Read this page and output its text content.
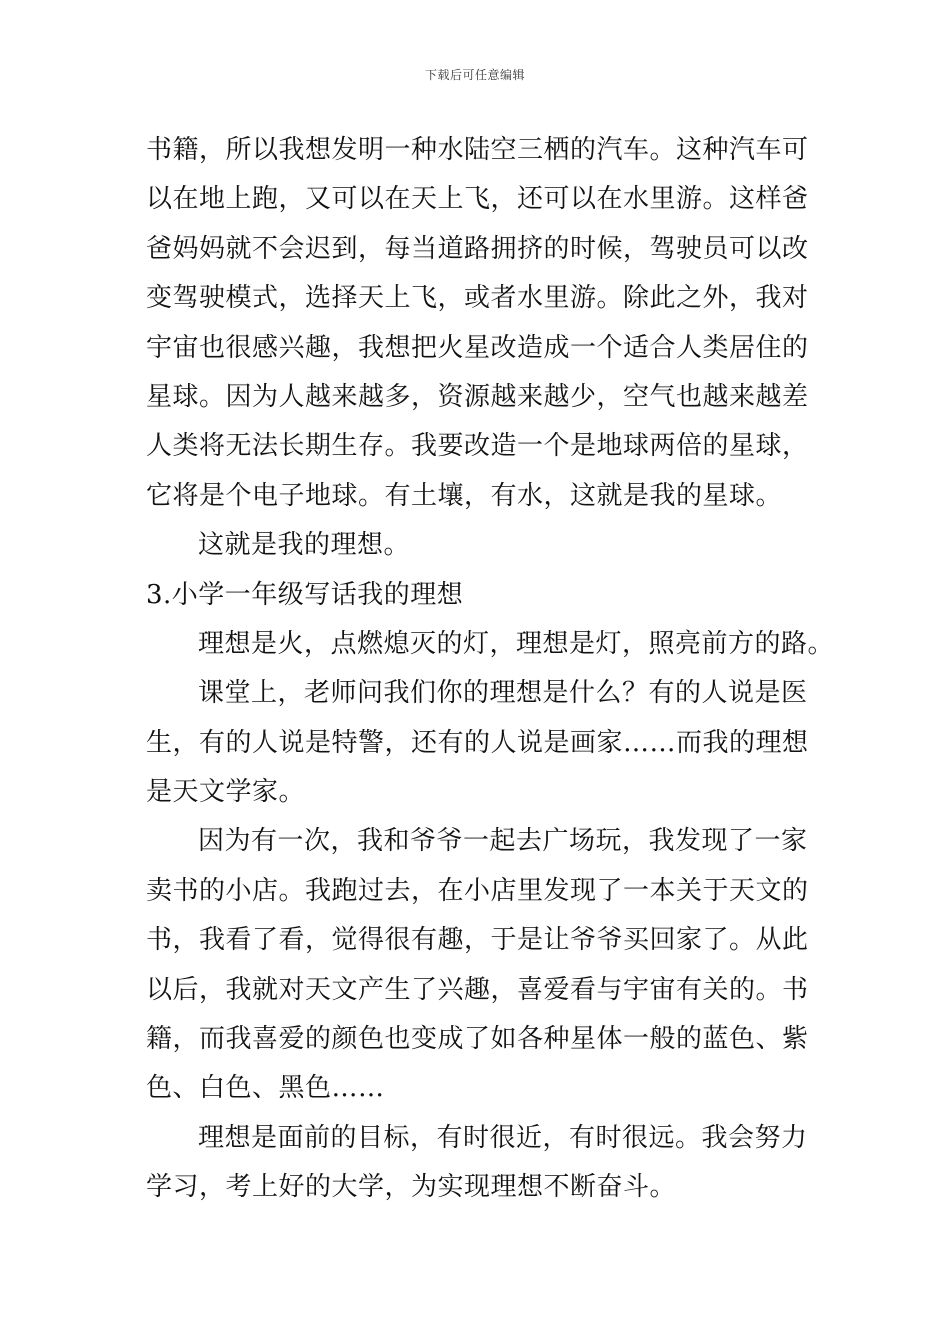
下载后可任意编辑
书籍，所以我想发明一种水陆空三栖的汽车。这种汽车可
以在地上跑，又可以在天上飞，还可以在水里游。这样爸
爸妈妈就不会迟到，每当道路拥挤的时候，驾驶员可以改
变驾驶模式，选择天上飞，或者水里游。除此之外，我对
宇宙也很感兴趣，我想把火星改造成一个适合人类居住的
星球。因为人越来越多，资源越来越少，空气也越来越差
人类将无法长期生存。我要改造一个是地球两倍的星球，
它将是个电子地球。有土壤，有水，这就是我的星球。
这就是我的理想。
3.小学一年级写话我的理想
理想是火，点燃熄灭的灯，理想是灯，照亮前方的路。
课堂上，老师问我们你的理想是什么？有的人说是医
生，有的人说是特警，还有的人说是画家……而我的理想
是天文学家。
因为有一次，我和爷爷一起去广场玩，我发现了一家
卖书的小店。我跑过去，在小店里发现了一本关于天文的
书，我看了看，觉得很有趣，于是让爷爷买回家了。从此
以后，我就对天文产生了兴趣，喜爱看与宇宙有关的。书
籍，而我喜爱的颜色也变成了如各种星体一般的蓝色、紫
色、白色、黑色……
理想是面前的目标，有时很近，有时很远。我会努力
学习，考上好的大学，为实现理想不断奋斗。
